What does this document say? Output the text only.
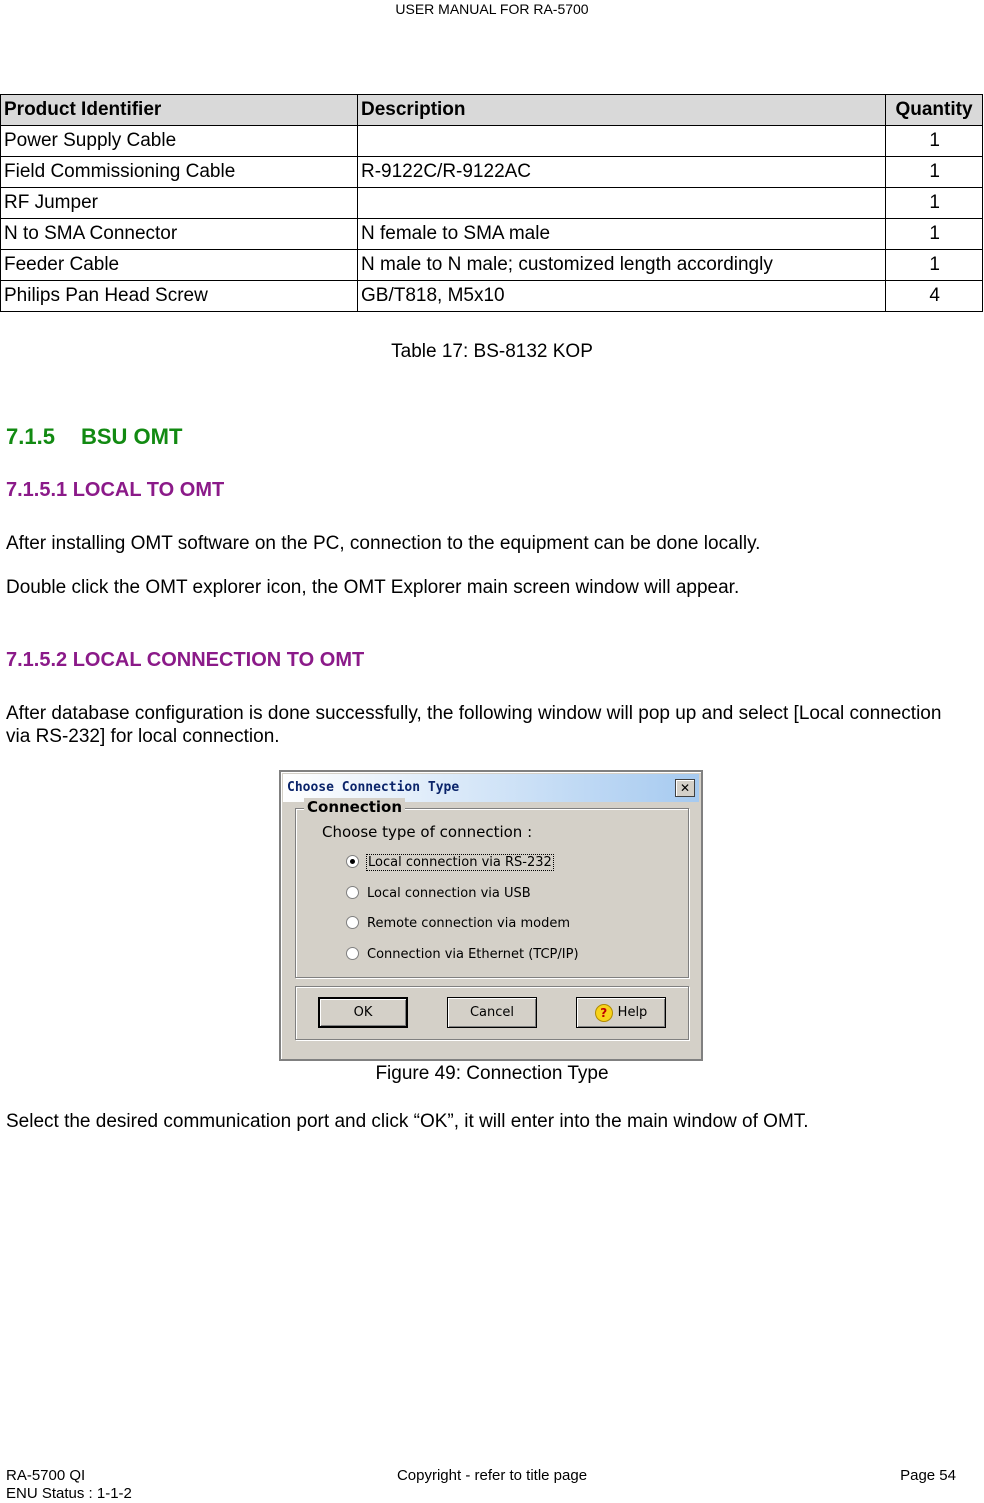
USER MANUAL FOR RA-5700
Product Identifier	Description	Quantity
Power Supply Cable		1
Field Commissioning Cable	R-9122C/R-9122AC	1
RF Jumper		1
N to SMA Connector	N female to SMA male	1
Feeder Cable	N male to N male; customized length accordingly	1
Philips Pan Head Screw	GB/T818, M5x10	4
Table 17: BS-8132 KOP
7.1.5 BSU OMT
7.1.5.1 LOCAL TO OMT
After installing OMT software on the PC, connection to the equipment can be done locally.
Double click the OMT explorer icon, the OMT Explorer main screen window will appear.
7.1.5.2 LOCAL CONNECTION TO OMT
After database configuration is done successfully, the following window will pop up and select [Local connection via RS-232] for local connection.
Choose Connection Type	✕
Connection
Choose type of connection :
Local connection via RS-232
Local connection via USB
Remote connection via modem
Connection via Ethernet (TCP/IP)
OK	Cancel	? Help
Figure 49: Connection Type
Select the desired communication port and click “OK”, it will enter into the main window of OMT.
RA-5700 QI
ENU Status : 1-1-2
Copyright - refer to title page	Page 54
